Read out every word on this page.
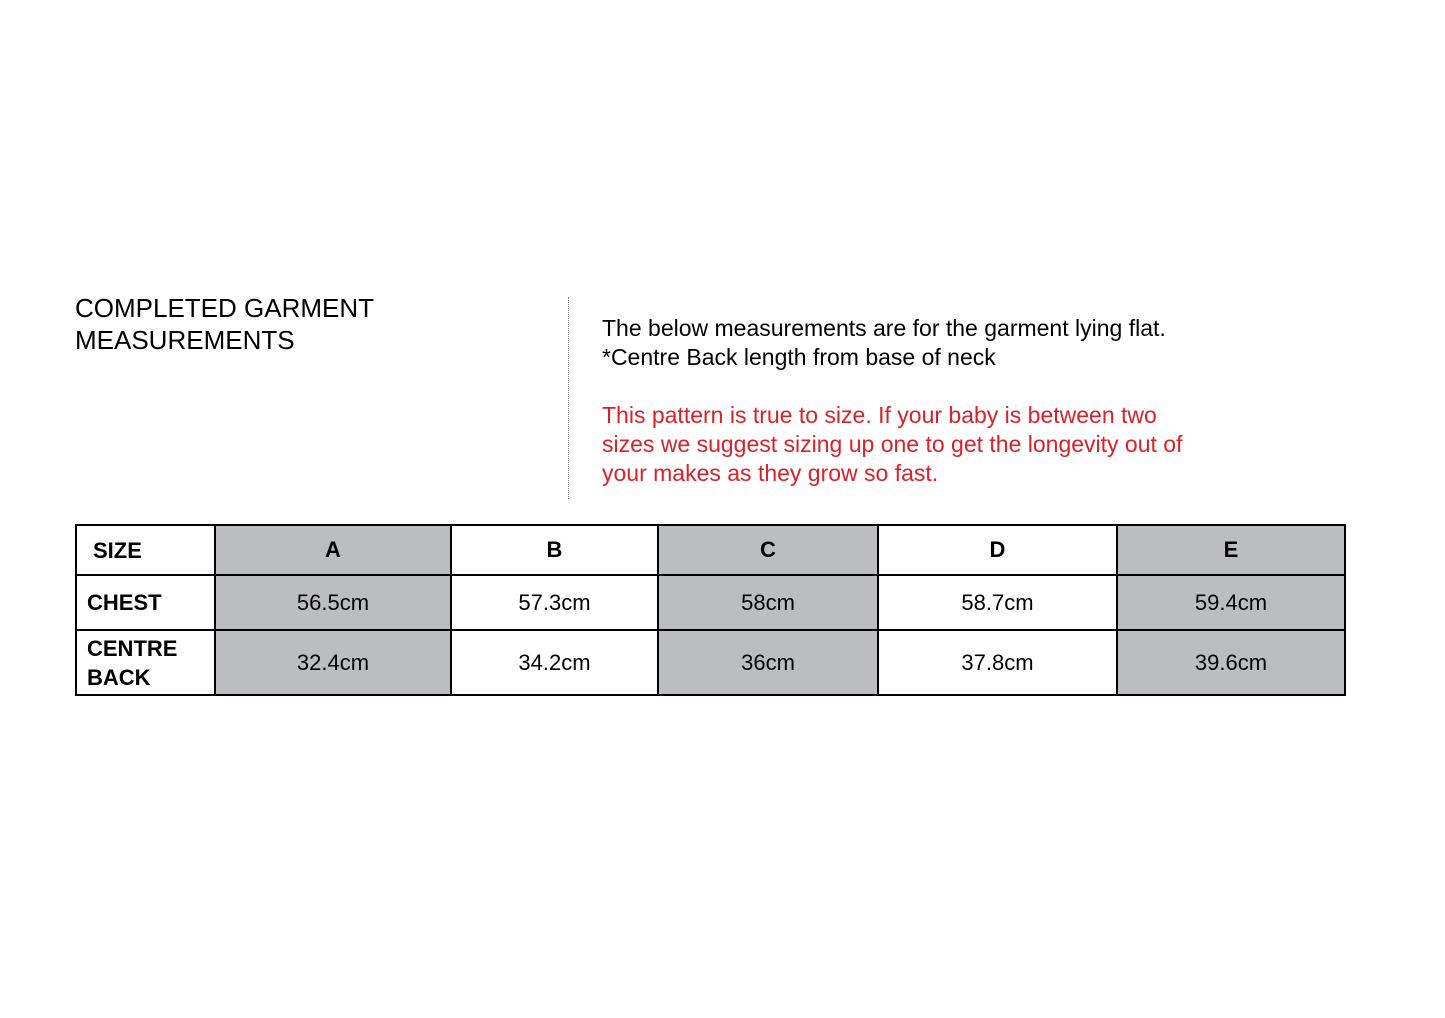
COMPLETED GARMENT
MEASUREMENTS	The below measurements are for the garment lying flat.

*Centre Back length from base of neck

This pattern is true to size. If your baby is between two
sizes we suggest sizing up one to get the longevity out of
your makes as they grow so fast.

SIZE	A	B	C	D	E
CHEST	56.5cm	57.3cm	58cm	58.7cm	59.4cm
CENTRE
BACK	32.4cm	34.2cm	36cm	37.8cm	39.6cm
